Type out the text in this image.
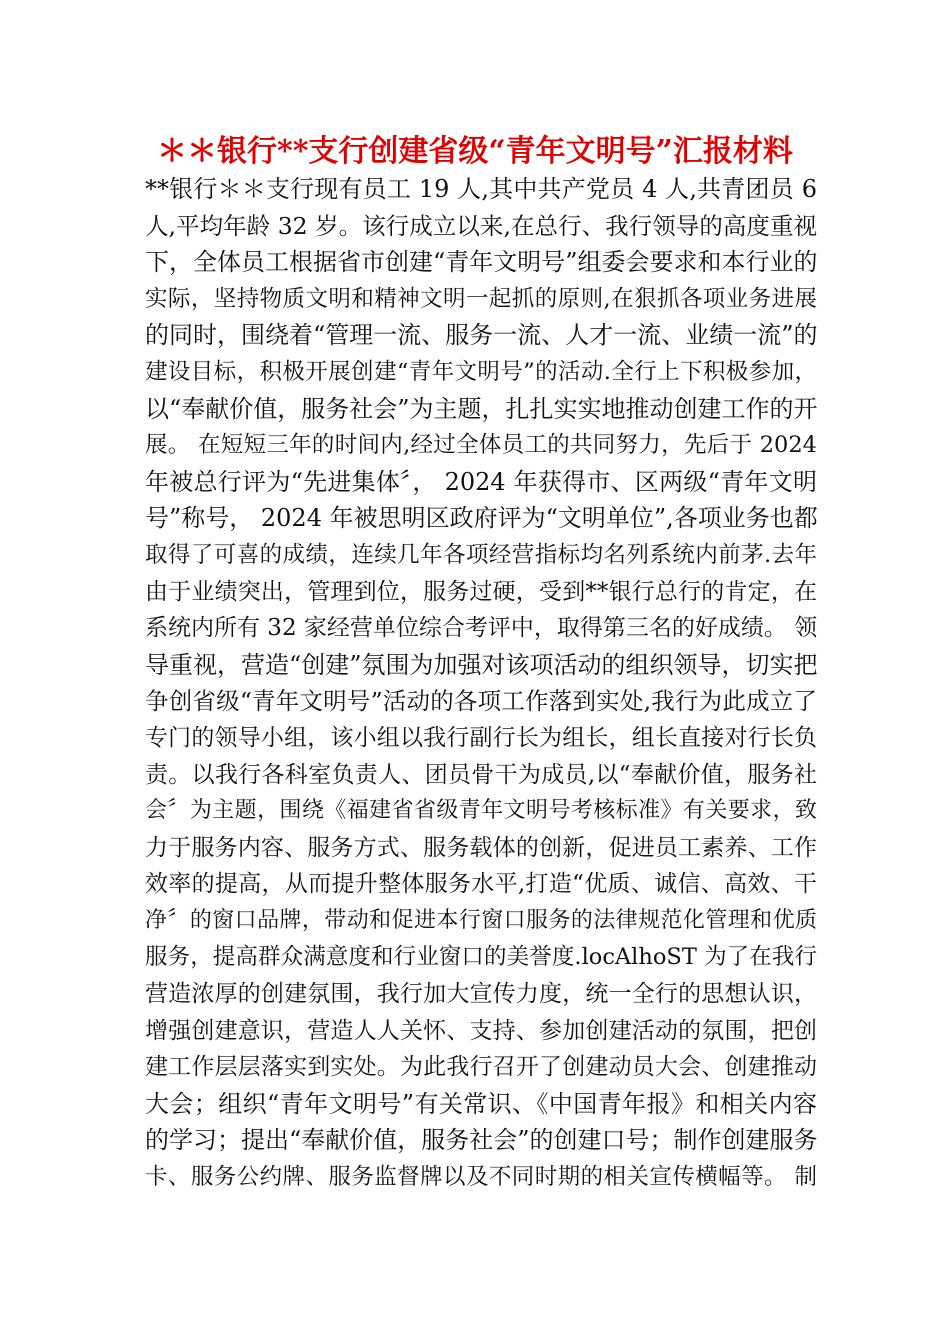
＊＊银行**支行创建省级“青年文明号”汇报材料
**银行＊＊支行现有员工 19 人,其中共产党员 4 人,共青团员 6
人,平均年龄 32 岁。该行成立以来,在总行、我行领导的高度重视
下，全体员工根据省市创建“青年文明号”组委会要求和本行业的
实际，坚持物质文明和精神文明一起抓的原则,在狠抓各项业务进展
的同时，围绕着“管理一流、服务一流、人才一流、业绩一流”的
建设目标，积极开展创建“青年文明号”的活动.全行上下积极参加，
以“奉献价值，服务社会”为主题，扎扎实实地推动创建工作的开
展。 在短短三年的时间内,经过全体员工的共同努力，先后于 2024
年被总行评为“先进集体〞， 2024 年获得市、区两级“青年文明
号”称号， 2024 年被思明区政府评为“文明单位”,各项业务也都
取得了可喜的成绩，连续几年各项经营指标均名列系统内前茅.去年
由于业绩突出，管理到位，服务过硬，受到**银行总行的肯定，在
系统内所有 32 家经营单位综合考评中，取得第三名的好成绩。 领
导重视，营造“创建”氛围为加强对该项活动的组织领导，切实把
争创省级“青年文明号”活动的各项工作落到实处,我行为此成立了
专门的领导小组，该小组以我行副行长为组长，组长直接对行长负
责。以我行各科室负责人、团员骨干为成员,以“奉献价值，服务社
会〞为主题，围绕《福建省省级青年文明号考核标准》有关要求，致
力于服务内容、服务方式、服务载体的创新，促进员工素养、工作
效率的提高，从而提升整体服务水平,打造“优质、诚信、高效、干
净〞的窗口品牌，带动和促进本行窗口服务的法律规范化管理和优质
服务，提高群众满意度和行业窗口的美誉度.locAlhoST 为了在我行
营造浓厚的创建氛围，我行加大宣传力度，统一全行的思想认识，
增强创建意识，营造人人关怀、支持、参加创建活动的氛围，把创
建工作层层落实到实处。为此我行召开了创建动员大会、创建推动
大会；组织“青年文明号”有关常识、《中国青年报》和相关内容
的学习；提出“奉献价值，服务社会”的创建口号；制作创建服务
卡、服务公约牌、服务监督牌以及不同时期的相关宣传横幅等。 制
